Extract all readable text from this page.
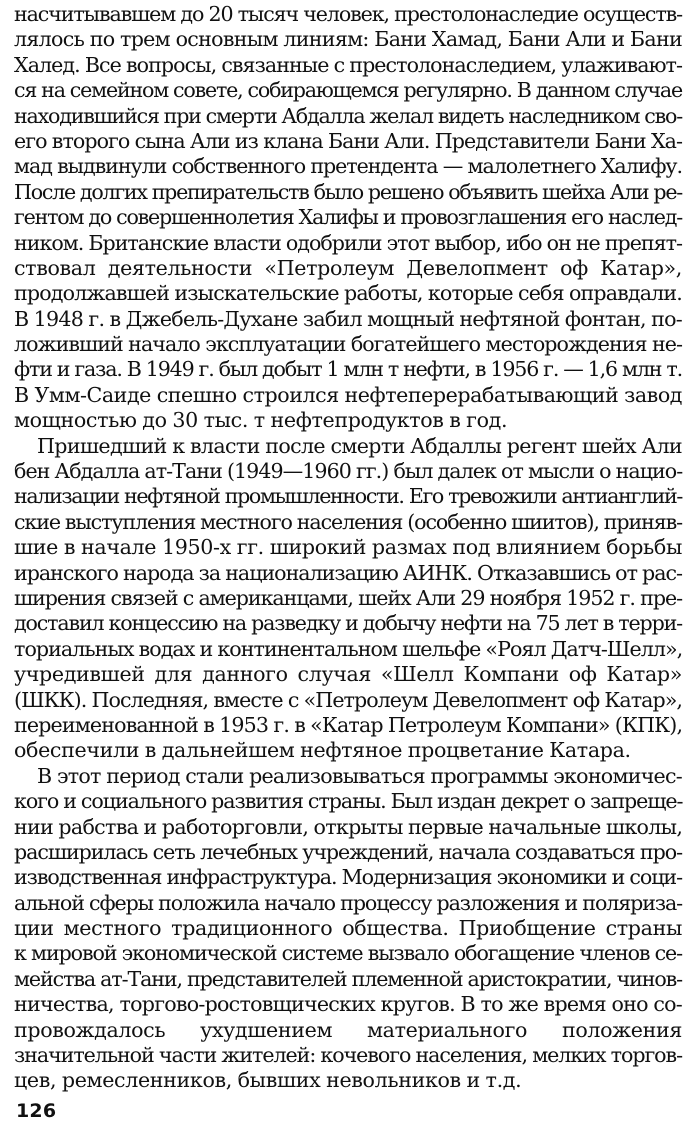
насчитывавшем до 20 тысяч человек, престолонаследие осуществ-
лялось по трем основным линиям: Бани Хамад, Бани Али и Бани
Халед. Все вопросы, связанные с престолонаследием, улаживают-
ся на семейном совете, собирающемся регулярно. В данном случае
находившийся при смерти Абдалла желал видеть наследником сво-
его второго сына Али из клана Бани Али. Представители Бани Ха-
мад выдвинули собственного претендента — малолетнего Халифу.
После долгих препирательств было решено объявить шейха Али ре-
гентом до совершеннолетия Халифы и провозглашения его наслед-
ником. Британские власти одобрили этот выбор, ибо он не препят-
ствовал деятельности «Петролеум Девелопмент оф Катар»,
продолжавшей изыскательские работы, которые себя оправдали.
В 1948 г. в Джебель-Духане забил мощный нефтяной фонтан, по-
ложивший начало эксплуатации богатейшего месторождения не-
фти и газа. В 1949 г. был добыт 1 млн т нефти, в 1956 г. — 1,6 млн т.
В Умм-Саиде спешно строился нефтеперерабатывающий завод
мощностью до 30 тыс. т нефтепродуктов в год.
Пришедший к власти после смерти Абдаллы регент шейх Али
бен Абдалла ат-Тани (1949—1960 гг.) был далек от мысли о нацио-
нализации нефтяной промышленности. Его тревожили антианглий-
ские выступления местного населения (особенно шиитов), приняв-
шие в начале 1950-х гг. широкий размах под влиянием борьбы
иранского народа за национализацию АИНК. Отказавшись от рас-
ширения связей с американцами, шейх Али 29 ноября 1952 г. пре-
доставил концессию на разведку и добычу нефти на 75 лет в терри-
ториальных водах и континентальном шельфе «Роял Датч-Шелл»,
учредившей для данного случая «Шелл Компани оф Катар»
(ШКК). Последняя, вместе с «Петролеум Девелопмент оф Катар»,
переименованной в 1953 г. в «Катар Петролеум Компани» (КПК),
обеспечили в дальнейшем нефтяное процветание Катара.
В этот период стали реализовываться программы экономичес-
кого и социального развития страны. Был издан декрет о запреще-
нии рабства и работорговли, открыты первые начальные школы,
расширилась сеть лечебных учреждений, начала создаваться про-
изводственная инфраструктура. Модернизация экономики и соци-
альной сферы положила начало процессу разложения и поляриза-
ции местного традиционного общества. Приобщение страны
к мировой экономической системе вызвало обогащение членов се-
мейства ат-Тани, представителей племенной аристократии, чинов-
ничества, торгово-ростовщических кругов. В то же время оно со-
провождалось ухудшением материального положения
значительной части жителей: кочевого населения, мелких торгов-
цев, ремесленников, бывших невольников и т.д.
126
